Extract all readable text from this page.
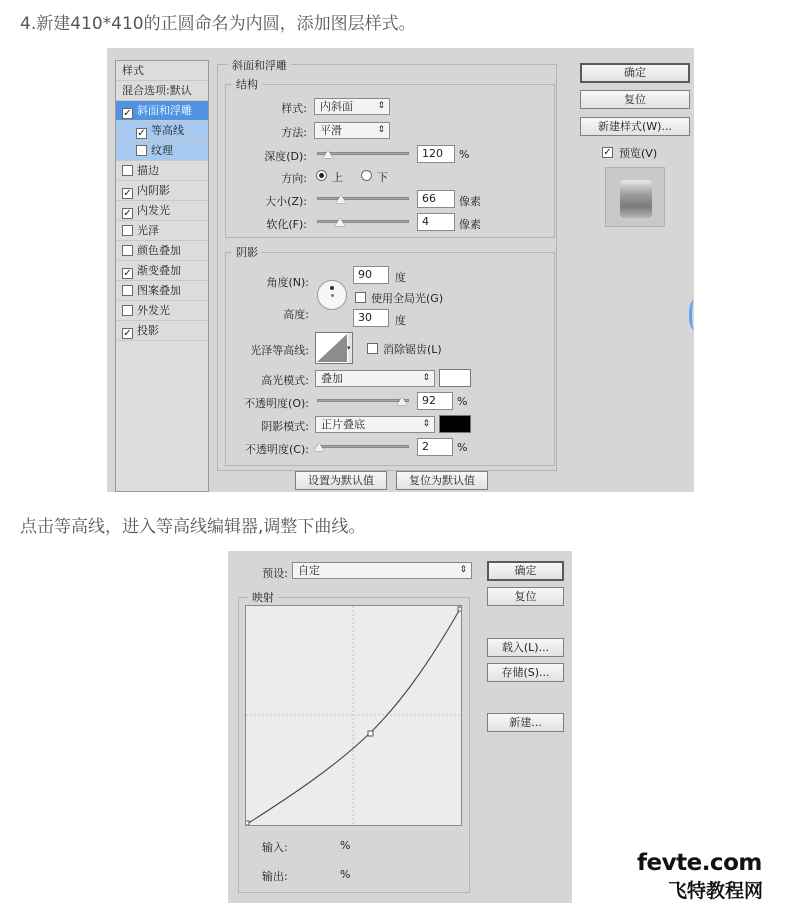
4.新建410*410的正圆命名为内圆，添加图层样式。
样式
混合选项:默认
✓ 斜面和浮雕
✓ 等高线
纹理
描边
✓ 内阴影
✓ 内发光
光泽
颜色叠加
✓ 渐变叠加
图案叠加
外发光
✓ 投影
斜面和浮雕
结构
样式:	内斜面	⇕
方法:	平滑	⇕
深度(D):	120	%
方向: 上	下
大小(Z):	66	像素
软化(F):	4	像素
阴影
角度(N):
90	度
使用全局光(G)
高度:	30	度
光泽等高线:	▾	消除锯齿(L)
高光模式:	叠加	⇕
不透明度(O):	92	%
阴影模式:	正片叠底	⇕
不透明度(C):	2	%
设置为默认值	复位为默认值
确定
复位
新建样式(W)...
✓ 预览(V)
点击等高线，进入等高线编辑器,调整下曲线。
预设: 自定	⇕
映射
输入:	%
输出:	%
确定
复位
载入(L)...
存储(S)...
新建...
fevte.com
飞特教程网
